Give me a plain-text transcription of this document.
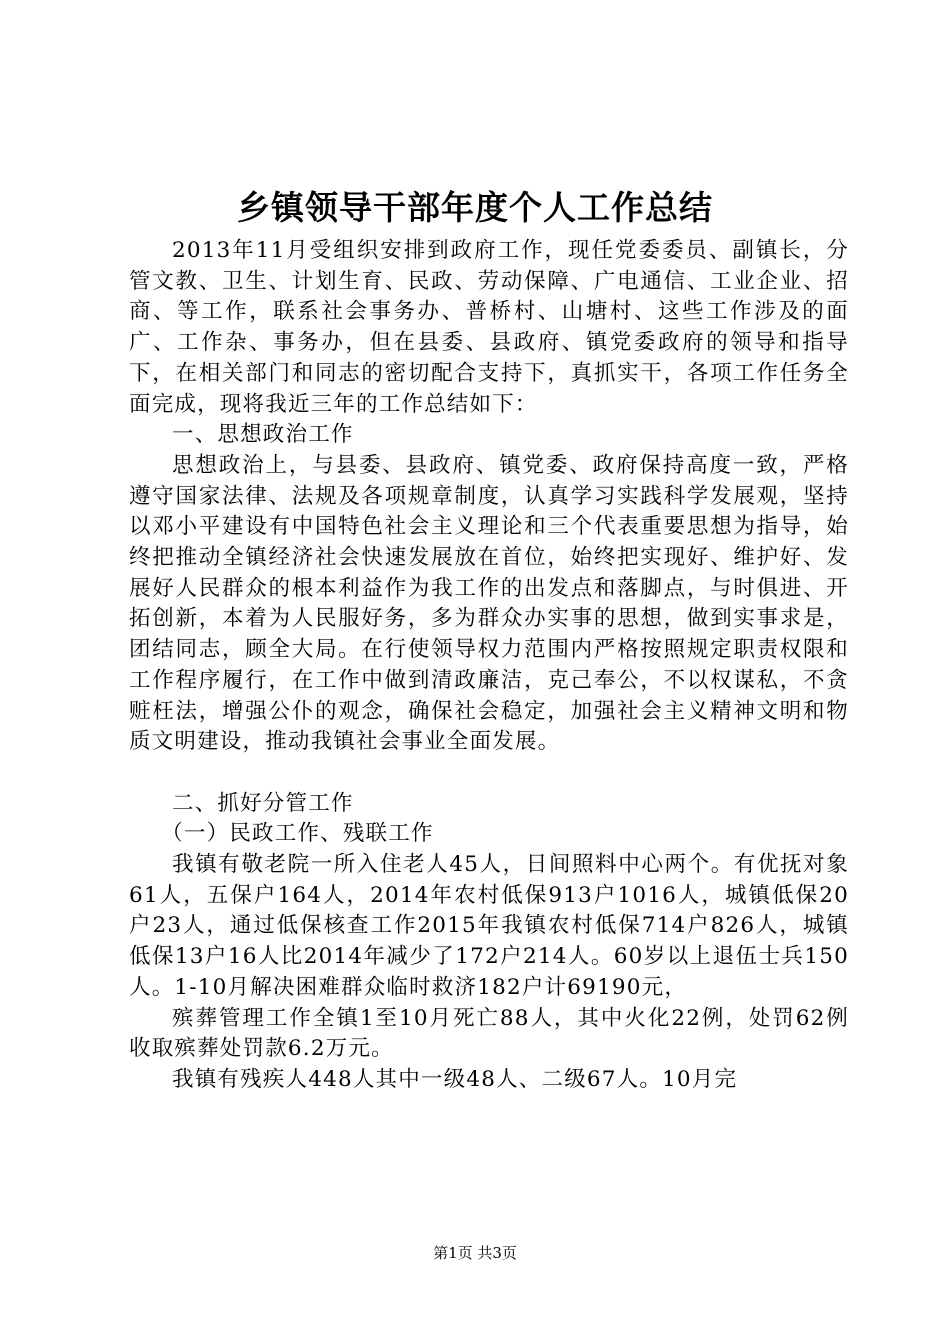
乡镇领导干部年度个人工作总结

2013年11月受组织安排到政府工作，现任党委委员、副镇长，分管文教、卫生、计划生育、民政、劳动保障、广电通信、工业企业、招商、等工作，联系社会事务办、普桥村、山塘村、这些工作涉及的面广、工作杂、事务办，但在县委、县政府、镇党委政府的领导和指导下，在相关部门和同志的密切配合支持下，真抓实干，各项工作任务全面完成，现将我近三年的工作总结如下：

一、思想政治工作

思想政治上，与县委、县政府、镇党委、政府保持高度一致，严格遵守国家法律、法规及各项规章制度，认真学习实践科学发展观，坚持以邓小平建设有中国特色社会主义理论和三个代表重要思想为指导，始终把推动全镇经济社会快速发展放在首位，始终把实现好、维护好、发展好人民群众的根本利益作为我工作的出发点和落脚点，与时俱进、开拓创新，本着为人民服好务，多为群众办实事的思想，做到实事求是，团结同志，顾全大局。在行使领导权力范围内严格按照规定职责权限和工作程序履行，在工作中做到清政廉洁，克己奉公，不以权谋私，不贪赃枉法，增强公仆的观念，确保社会稳定，加强社会主义精神文明和物质文明建设，推动我镇社会事业全面发展。

二、抓好分管工作

（一）民政工作、残联工作

我镇有敬老院一所入住老人45人，日间照料中心两个。有优抚对象61人，五保户164人，2014年农村低保913户1016人，城镇低保20户23人，通过低保核查工作2015年我镇农村低保714户826人，城镇低保13户16人比2014年减少了172户214人。60岁以上退伍士兵150人。1-10月解决困难群众临时救济182户计69190元，

殡葬管理工作全镇1至10月死亡88人，其中火化22例，处罚62例收取殡葬处罚款6.2万元。

我镇有残疾人448人其中一级48人、二级67人。10月完

第1页 共3页
